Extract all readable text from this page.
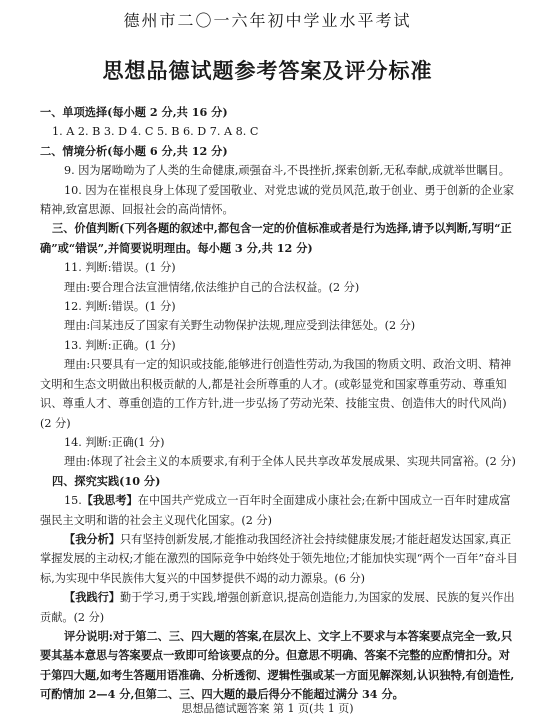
德州市二〇一六年初中学业水平考试
思想品德试题参考答案及评分标准

一、单项选择(每小题 2 分,共 16 分)

1. A 2. B 3. D 4. C 5. B 6. D 7. A 8. C

二、情境分析(每小题 6 分,共 12 分)

9. 因为屠呦呦为了人类的生命健康,顽强奋斗,不畏挫折,探索创新,无私奉献,成就举世瞩目。

10. 因为在崔根良身上体现了爱国敬业、对党忠诚的党员风范,敢于创业、勇于创新的企业家精神,致富思源、回报社会的高尚情怀。

三、价值判断(下列各题的叙述中,都包含一定的价值标准或者是行为选择,请予以判断,写明“正确”或“错误”,并简要说明理由。每小题 3 分,共 12 分)

11. 判断:错误。(1 分)

理由:要合理合法宣泄情绪,依法维护自己的合法权益。(2 分)

12. 判断:错误。(1 分)

理由:闫某违反了国家有关野生动物保护法规,理应受到法律惩处。(2 分)

13. 判断:正确。(1 分)

理由:只要具有一定的知识或技能,能够进行创造性劳动,为我国的物质文明、政治文明、精神文明和生态文明做出积极贡献的人,都是社会所尊重的人才。(或彰显党和国家尊重劳动、尊重知识、尊重人才、尊重创造的工作方针,进一步弘扬了劳动光荣、技能宝贵、创造伟大的时代风尚)(2 分)

14. 判断:正确(1 分)

理由:体现了社会主义的本质要求,有利于全体人民共享改革发展成果、实现共同富裕。(2 分)

四、探究实践(10 分)

15.【我思考】在中国共产党成立一百年时全面建成小康社会;在新中国成立一百年时建成富强民主文明和谐的社会主义现代化国家。(2 分)

【我分析】只有坚持创新发展,才能推动我国经济社会持续健康发展;才能赶超发达国家,真正掌握发展的主动权;才能在激烈的国际竞争中始终处于领先地位;才能加快实现“两个一百年”奋斗目标,为实现中华民族伟大复兴的中国梦提供不竭的动力源泉。(6 分)

【我践行】勤于学习,勇于实践,增强创新意识,提高创造能力,为国家的发展、民族的复兴作出贡献。(2 分)

评分说明:对于第二、三、四大题的答案,在层次上、文字上不要求与本答案要点完全一致,只要其基本意思与答案要点一致即可给该要点的分。但意思不明确、答案不完整的应酌情扣分。对于第四大题,如考生答题用语准确、分析透彻、逻辑性强或某一方面见解深刻,认识独特,有创造性,可酌情加 2—4 分,但第二、三、四大题的最后得分不能超过满分 34 分。

思想品德试题答案 第 1 页(共 1 页)
